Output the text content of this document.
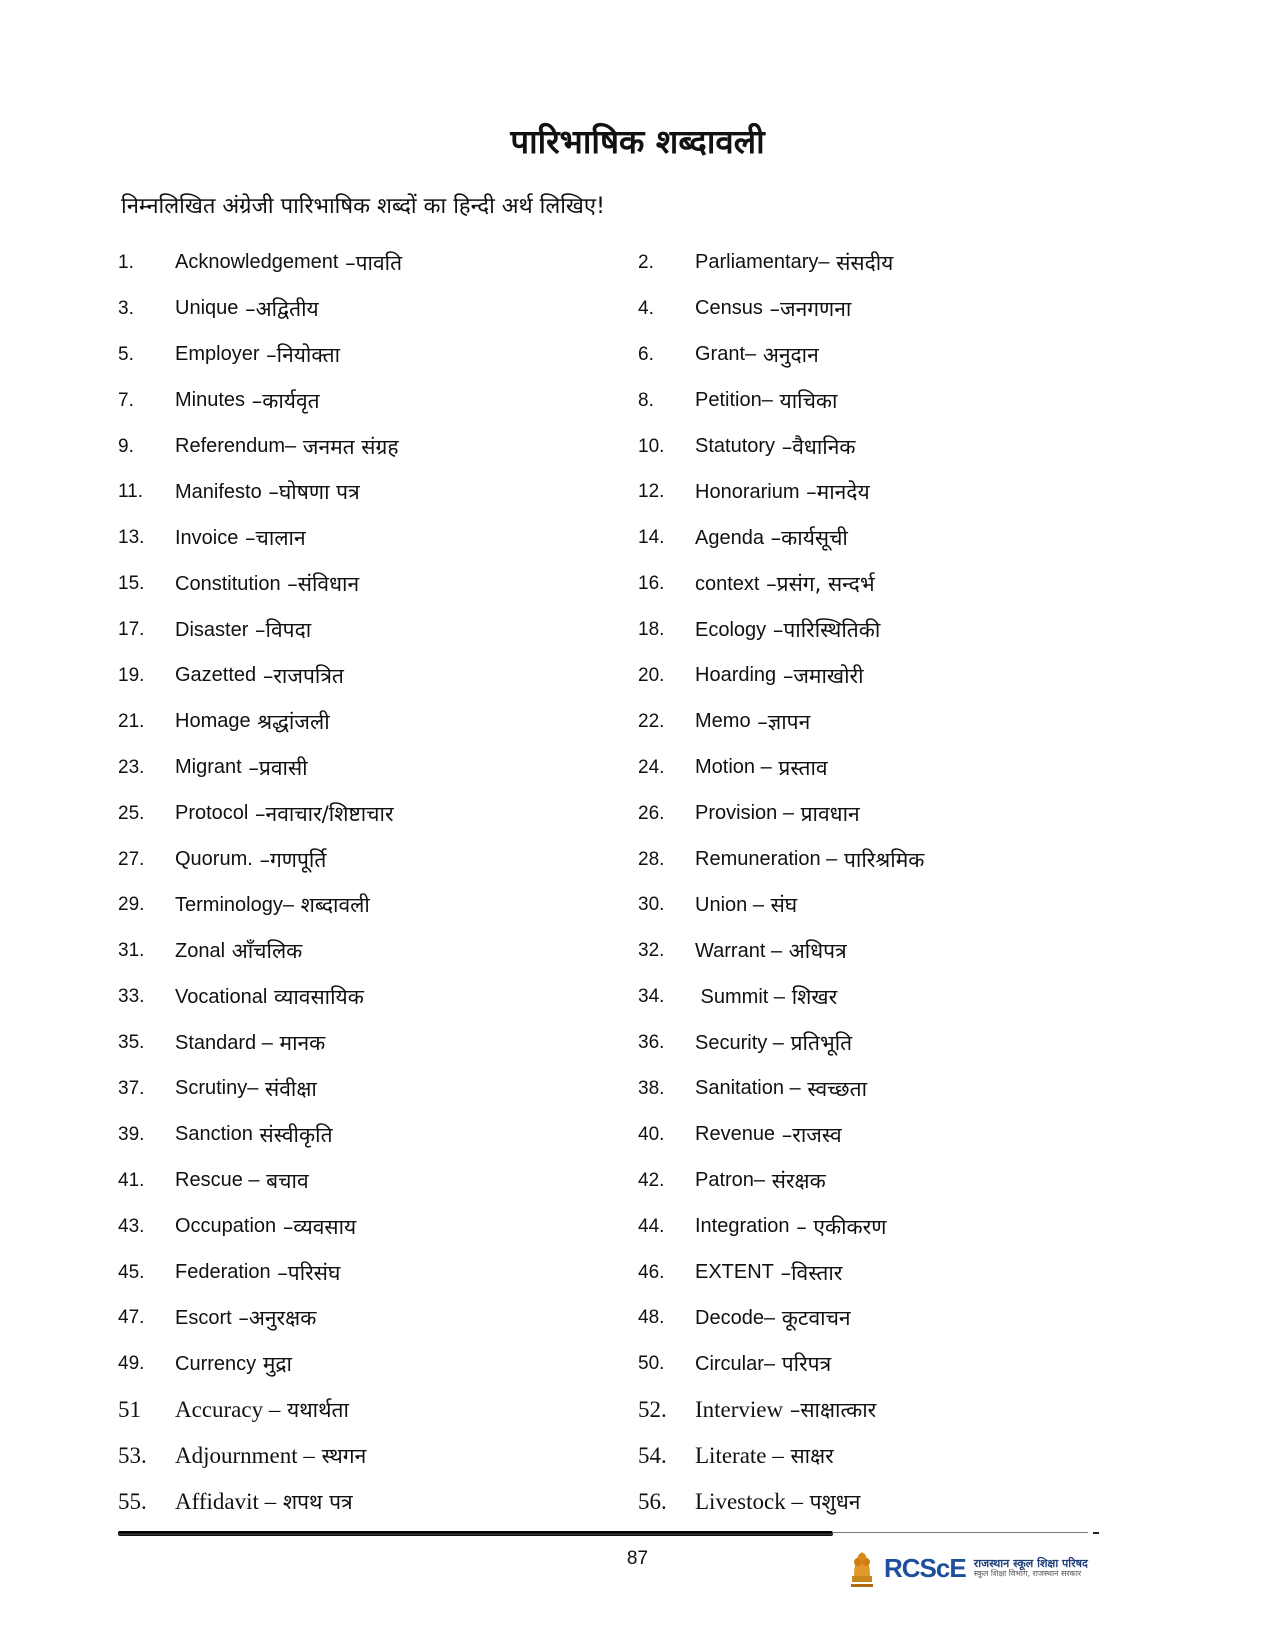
पारिभाषिक शब्दावली
निम्नलिखित अंग्रेजी पारिभाषिक शब्दों का हिन्दी अर्थ लिखिए!
1.	Acknowledgement –पावति	2.	Parliamentary– संसदीय
3.	Unique –अद्वितीय	4.	Census –जनगणना
5.	Employer –नियोक्ता	6.	Grant– अनुदान
7.	Minutes –कार्यवृत	8.	Petition– याचिका
9.	Referendum– जनमत संग्रह	10.	Statutory –वैधानिक
11.	Manifesto –घोषणा पत्र	12.	Honorarium –मानदेय
13.	Invoice –चालान	14.	Agenda –कार्यसूची
15.	Constitution –संविधान	16.	context –प्रसंग, सन्दर्भ
17.	Disaster –विपदा	18.	Ecology –पारिस्थितिकी
19.	Gazetted –राजपत्रित	20.	Hoarding –जमाखोरी
21.	Homage श्रद्धांजली	22.	Memo –ज्ञापन
23.	Migrant –प्रवासी	24.	Motion – प्रस्ताव
25.	Protocol –नवाचार/शिष्टाचार	26.	Provision – प्रावधान
27.	Quorum. –गणपूर्ति	28.	Remuneration – पारिश्रमिक
29.	Terminology– शब्दावली	30.	Union – संघ
31.	Zonal आँचलिक	32.	Warrant – अधिपत्र
33.	Vocational व्यावसायिक	34.	Summit – शिखर
35.	Standard – मानक	36.	Security – प्रतिभूति
37.	Scrutiny– संवीक्षा	38.	Sanitation – स्वच्छता
39.	Sanction संस्वीकृति	40.	Revenue –राजस्व
41.	Rescue – बचाव	42.	Patron– संरक्षक
43.	Occupation –व्यवसाय	44.	Integration – एकीकरण
45.	Federation –परिसंघ	46.	EXTENT –विस्तार
47.	Escort –अनुरक्षक	48.	Decode– कूटवाचन
49.	Currency मुद्रा	50.	Circular– परिपत्र
51	Accuracy – यथार्थता	52.	Interview –साक्षात्कार
53.	Adjournment – स्थगन	54.	Literate – साक्षर
55.	Affidavit – शपथ पत्र	56.	Livestock – पशुधन
87	RCScE राजस्थान स्कूल शिक्षा परिषद
स्कूल शिक्षा विभाग, राजस्थान सरकार
